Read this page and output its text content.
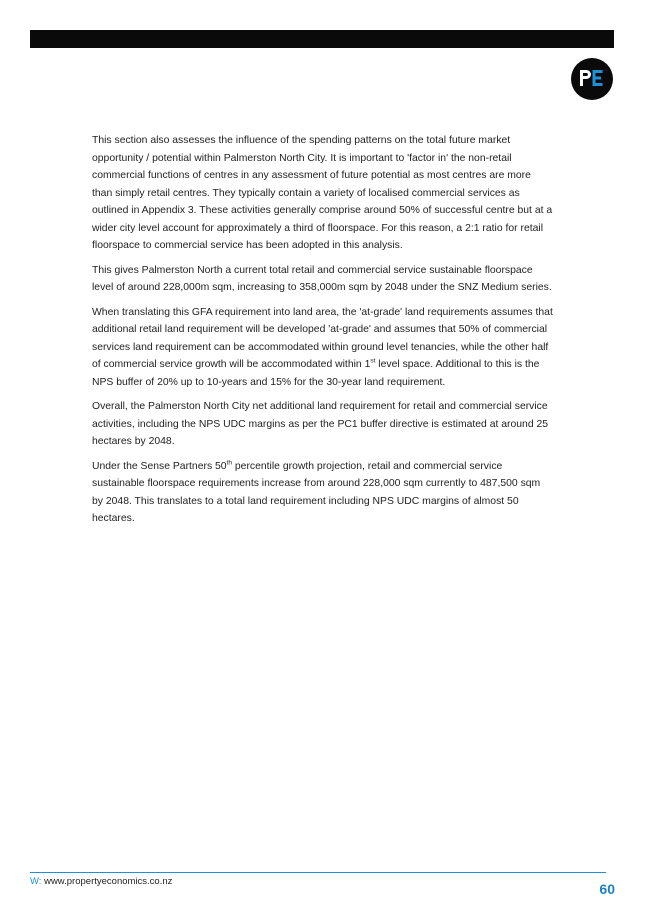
This section also assesses the influence of the spending patterns on the total future market opportunity / potential within Palmerston North City. It is important to 'factor in' the non-retail commercial functions of centres in any assessment of future potential as most centres are more than simply retail centres. They typically contain a variety of localised commercial services as outlined in Appendix 3. These activities generally comprise around 50% of successful centre but at a wider city level account for approximately a third of floorspace. For this reason, a 2:1 ratio for retail floorspace to commercial service has been adopted in this analysis.

This gives Palmerston North a current total retail and commercial service sustainable floorspace level of around 228,000m sqm, increasing to 358,000m sqm by 2048 under the SNZ Medium series.

When translating this GFA requirement into land area, the 'at-grade' land requirements assumes that additional retail land requirement will be developed 'at-grade' and assumes that 50% of commercial services land requirement can be accommodated within ground level tenancies, while the other half of commercial service growth will be accommodated within 1st level space. Additional to this is the NPS buffer of 20% up to 10-years and 15% for the 30-year land requirement.

Overall, the Palmerston North City net additional land requirement for retail and commercial service activities, including the NPS UDC margins as per the PC1 buffer directive is estimated at around 25 hectares by 2048.

Under the Sense Partners 50th percentile growth projection, retail and commercial service sustainable floorspace requirements increase from around 228,000 sqm currently to 487,500 sqm by 2048. This translates to a total land requirement including NPS UDC margins of almost 50 hectares.

W: www.propertyeconomics.co.nz	60
